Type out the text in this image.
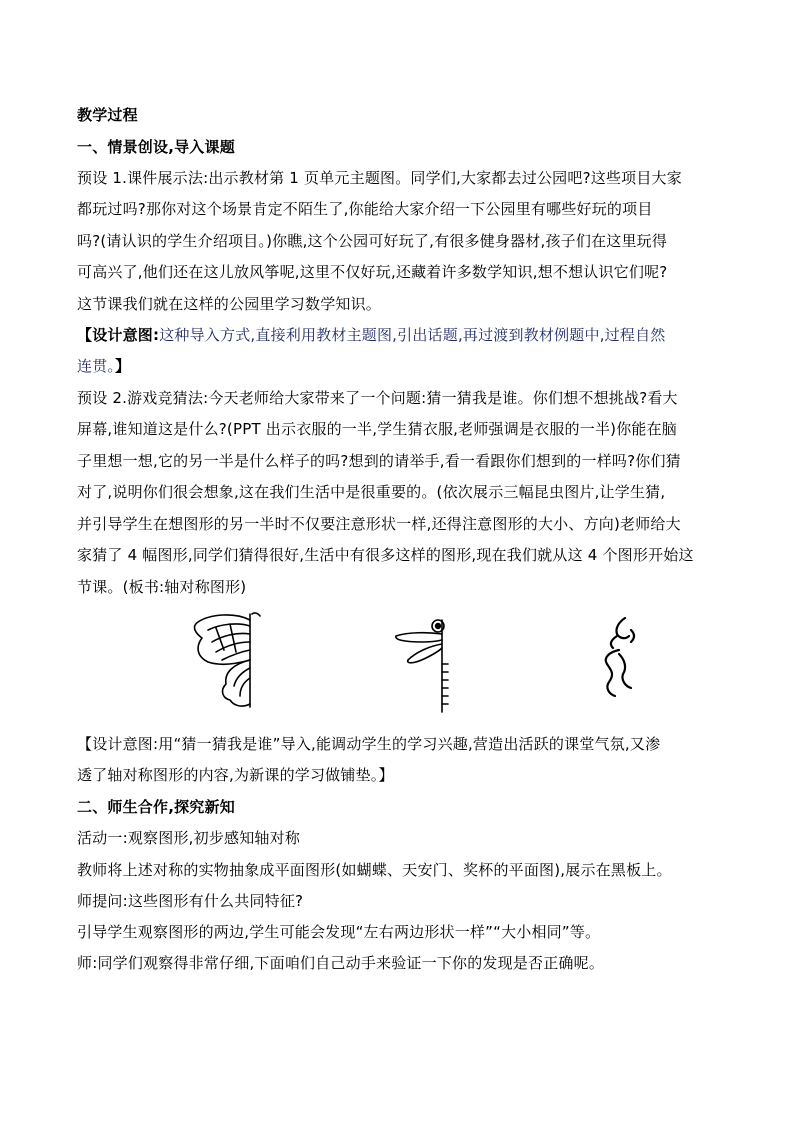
教学过程
一、情景创设,导入课题
预设 1.课件展示法:出示教材第 1 页单元主题图。同学们,大家都去过公园吧?这些项目大家
都玩过吗?那你对这个场景肯定不陌生了,你能给大家介绍一下公园里有哪些好玩的项目
吗?(请认识的学生介绍项目。)你瞧,这个公园可好玩了,有很多健身器材,孩子们在这里玩得
可高兴了,他们还在这儿放风筝呢,这里不仅好玩,还藏着许多数学知识,想不想认识它们呢?
这节课我们就在这样的公园里学习数学知识。
【设计意图:这种导入方式,直接利用教材主题图,引出话题,再过渡到教材例题中,过程自然
连贯。】
预设 2.游戏竞猜法:今天老师给大家带来了一个问题:猜一猜我是谁。你们想不想挑战?看大
屏幕,谁知道这是什么?(PPT 出示衣服的一半,学生猜衣服,老师强调是衣服的一半)你能在脑
子里想一想,它的另一半是什么样子的吗?想到的请举手,看一看跟你们想到的一样吗?你们猜
对了,说明你们很会想象,这在我们生活中是很重要的。(依次展示三幅昆虫图片,让学生猜,
并引导学生在想图形的另一半时不仅要注意形状一样,还得注意图形的大小、方向)老师给大
家猜了 4 幅图形,同学们猜得很好,生活中有很多这样的图形,现在我们就从这 4 个图形开始这
节课。(板书:轴对称图形)
【设计意图:用“猜一猜我是谁”导入,能调动学生的学习兴趣,营造出活跃的课堂气氛,又渗
透了轴对称图形的内容,为新课的学习做铺垫。】
二、师生合作,探究新知
活动一:观察图形,初步感知轴对称
教师将上述对称的实物抽象成平面图形(如蝴蝶、天安门、奖杯的平面图),展示在黑板上。
师提问:这些图形有什么共同特征?
引导学生观察图形的两边,学生可能会发现“左右两边形状一样”“大小相同”等。
师:同学们观察得非常仔细,下面咱们自己动手来验证一下你的发现是否正确呢。
